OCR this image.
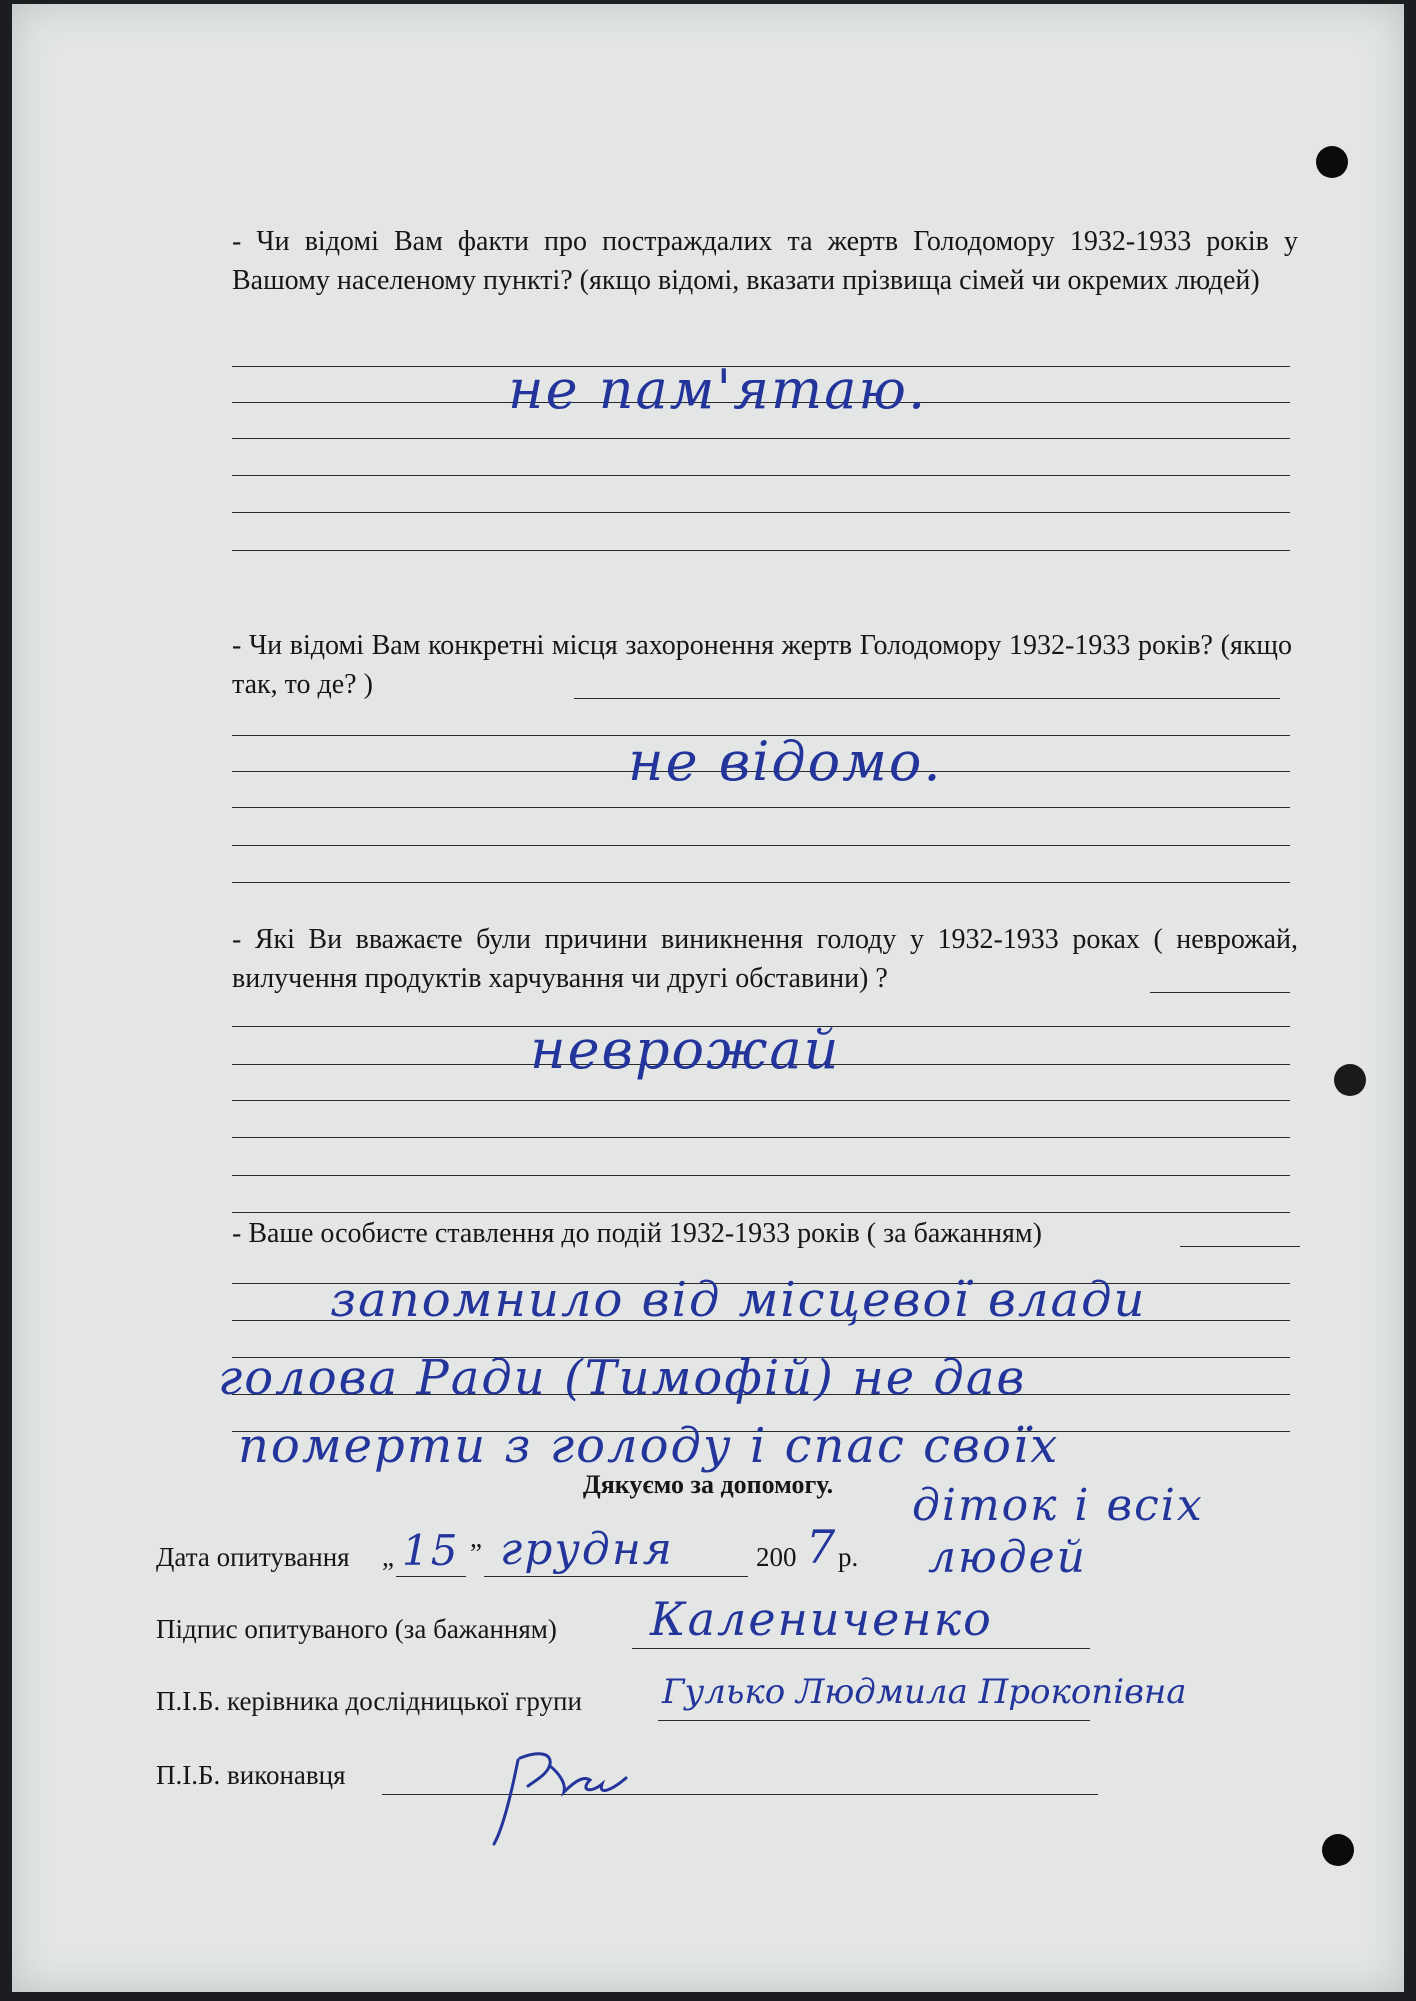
- Чи відомі Вам факти про постраждалих та жертв Голодомору 1932-1933 років у Вашому населеному пункті? (якщо відомі, вказати прізвища сімей чи окремих людей)
не пам'ятаю.
- Чи відомі Вам конкретні місця захоронення жертв Голодомору 1932-1933 років? (якщо так, то де? )
не відомо.
- Які Ви вважаєте були причини виникнення голоду у 1932-1933 роках ( неврожай, вилучення продуктів харчування чи другі обставини) ?
неврожай
- Ваше особисте ставлення до подій 1932-1933 років ( за бажанням)
запомнило від місцевої влади
голова Ради (Тимофій) не дав
померти з голоду і спас своїх
діток і всіх
людей
Дякуємо за допомогу.
Дата опитування „ 15 ” грудня	200 7 р.
Підпис опитуваного (за бажанням) Калениченко
П.І.Б. керівника дослідницької групи Гулько Людмила Прокопівна
П.І.Б. виконавця
